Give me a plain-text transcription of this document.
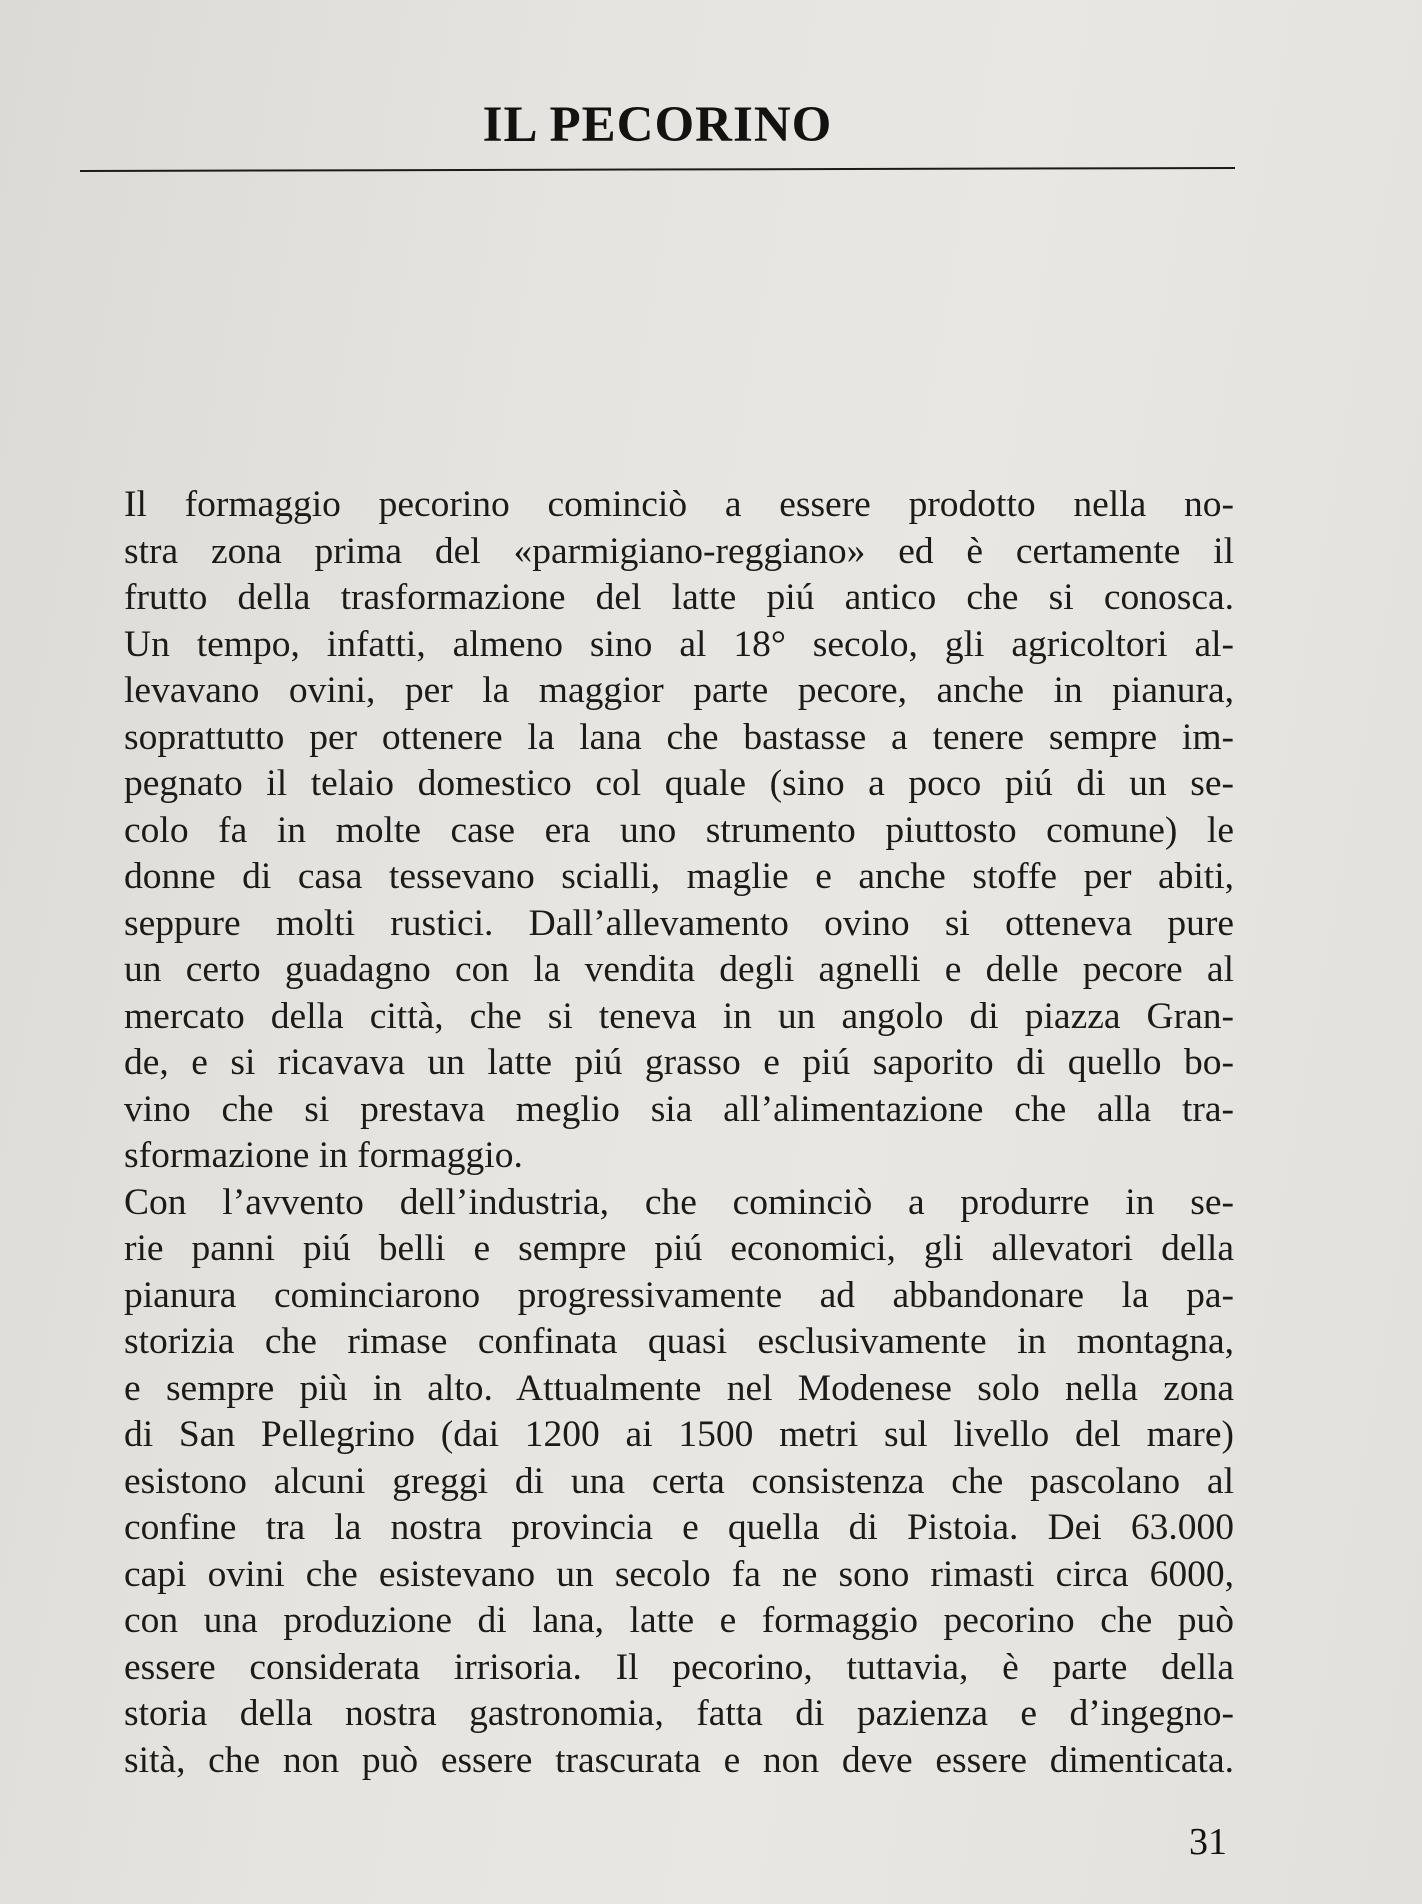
IL PECORINO

Il formaggio pecorino cominciò a essere prodotto nella no-
stra zona prima del «parmigiano-reggiano» ed è certamente il
frutto della trasformazione del latte piú antico che si conosca.
Un tempo, infatti, almeno sino al 18° secolo, gli agricoltori al-
levavano ovini, per la maggior parte pecore, anche in pianura,
soprattutto per ottenere la lana che bastasse a tenere sempre im-
pegnato il telaio domestico col quale (sino a poco piú di un se-
colo fa in molte case era uno strumento piuttosto comune) le
donne di casa tessevano scialli, maglie e anche stoffe per abiti,
seppure molti rustici. Dall’allevamento ovino si otteneva pure
un certo guadagno con la vendita degli agnelli e delle pecore al
mercato della città, che si teneva in un angolo di piazza Gran-
de, e si ricavava un latte piú grasso e piú saporito di quello bo-
vino che si prestava meglio sia all’alimentazione che alla tra-
sformazione in formaggio.

Con l’avvento dell’industria, che cominciò a produrre in se-
rie panni piú belli e sempre piú economici, gli allevatori della
pianura cominciarono progressivamente ad abbandonare la pa-
storizia che rimase confinata quasi esclusivamente in montagna,
e sempre più in alto. Attualmente nel Modenese solo nella zona
di San Pellegrino (dai 1200 ai 1500 metri sul livello del mare)
esistono alcuni greggi di una certa consistenza che pascolano al
confine tra la nostra provincia e quella di Pistoia. Dei 63.000
capi ovini che esistevano un secolo fa ne sono rimasti circa 6000,
con una produzione di lana, latte e formaggio pecorino che può
essere considerata irrisoria. Il pecorino, tuttavia, è parte della
storia della nostra gastronomia, fatta di pazienza e d’ingegno-
sità, che non può essere trascurata e non deve essere dimenticata.

31
